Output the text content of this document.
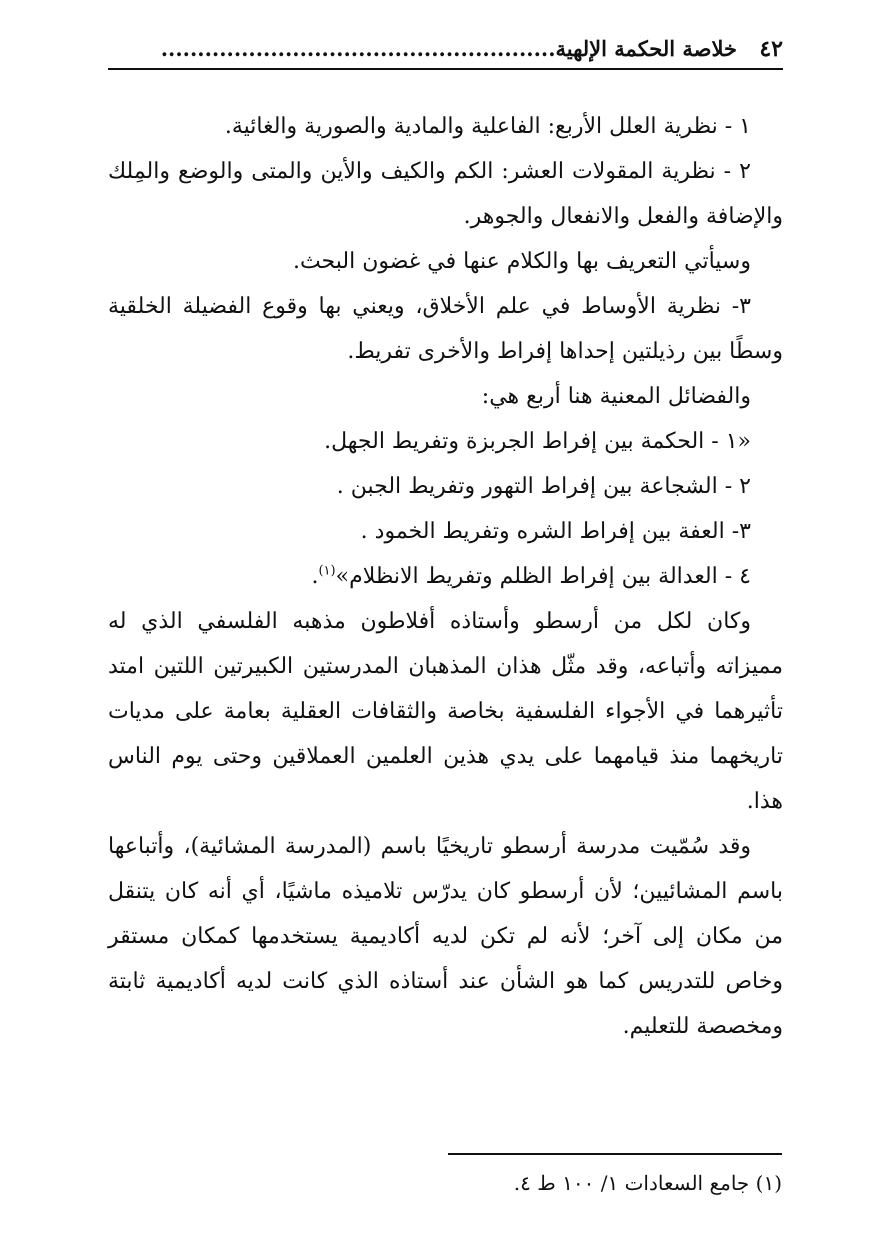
٤٢
خلاصة الحكمة الإلهية......................................................

١ - نظرية العلل الأربع: الفاعلية والمادية والصورية والغائية.

٢ - نظرية المقولات العشر: الكم والكيف والأين والمتى والوضع والمِلك والإضافة والفعل والانفعال والجوهر.

وسيأتي التعريف بها والكلام عنها في غضون البحث.

٣- نظرية الأوساط في علم الأخلاق، ويعني بها وقوع الفضيلة الخلقية وسطًا بين رذيلتين إحداها إفراط والأخرى تفريط.

والفضائل المعنية هنا أربع هي:

«١ - الحكمة بين إفراط الجربزة وتفريط الجهل.

٢ - الشجاعة بين إفراط التهور وتفريط الجبن .

٣- العفة بين إفراط الشره وتفريط الخمود .

٤ - العدالة بين إفراط الظلم وتفريط الانظلام»$^{(١)}$.

وكان لكل من أرسطو وأستاذه أفلاطون مذهبه الفلسفي الذي له مميزاته وأتباعه، وقد مثّل هذان المذهبان المدرستين الكبيرتين اللتين امتد تأثيرهما في الأجواء الفلسفية بخاصة والثقافات العقلية بعامة على مديات تاريخهما منذ قيامهما على يدي هذين العلمين العملاقين وحتى يوم الناس هذا.

وقد سُمّيت مدرسة أرسطو تاريخيًا باسم (المدرسة المشائية)، وأتباعها باسم المشائيين؛ لأن أرسطو كان يدرّس تلاميذه ماشيًا، أي أنه كان يتنقل من مكان إلى آخر؛ لأنه لم تكن لديه أكاديمية يستخدمها كمكان مستقر وخاص للتدريس كما هو الشأن عند أستاذه الذي كانت لديه أكاديمية ثابتة ومخصصة للتعليم.

(١) جامع السعادات ١/ ١٠٠ ط ٤.
